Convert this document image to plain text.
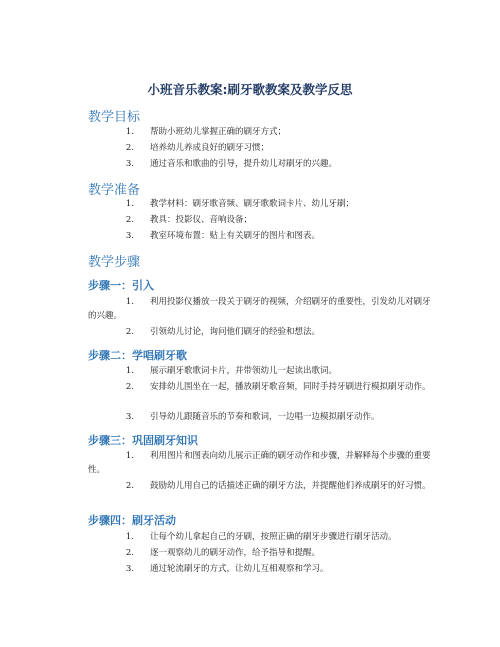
小班音乐教案:刷牙歌教案及教学反思
教学目标
1. 帮助小班幼儿掌握正确的刷牙方式；
2. 培养幼儿养成良好的刷牙习惯；
3. 通过音乐和歌曲的引导，提升幼儿对刷牙的兴趣。
教学准备
1. 教学材料：刷牙歌音频、刷牙歌歌词卡片、幼儿牙刷；
2. 教具：投影仪、音响设备；
3. 教室环境布置：贴上有关刷牙的图片和图表。
教学步骤
步骤一：引入
1. 利用投影仪播放一段关于刷牙的视频，介绍刷牙的重要性，引发幼儿对刷牙的兴趣。
2. 引领幼儿讨论，询问他们刷牙的经验和想法。
步骤二：学唱刷牙歌
1. 展示刷牙歌歌词卡片，并带领幼儿一起读出歌词。
2. 安排幼儿围坐在一起，播放刷牙歌音频，同时手持牙刷进行模拟刷牙动作。
3. 引导幼儿跟随音乐的节奏和歌词，一边唱一边模拟刷牙动作。
步骤三：巩固刷牙知识
1. 利用图片和图表向幼儿展示正确的刷牙动作和步骤，并解释每个步骤的重要性。
2. 鼓励幼儿用自己的话描述正确的刷牙方法，并提醒他们养成刷牙的好习惯。
步骤四：刷牙活动
1. 让每个幼儿拿起自己的牙刷，按照正确的刷牙步骤进行刷牙活动。
2. 逐一观察幼儿的刷牙动作，给予指导和提醒。
3. 通过轮流刷牙的方式，让幼儿互相观察和学习。
